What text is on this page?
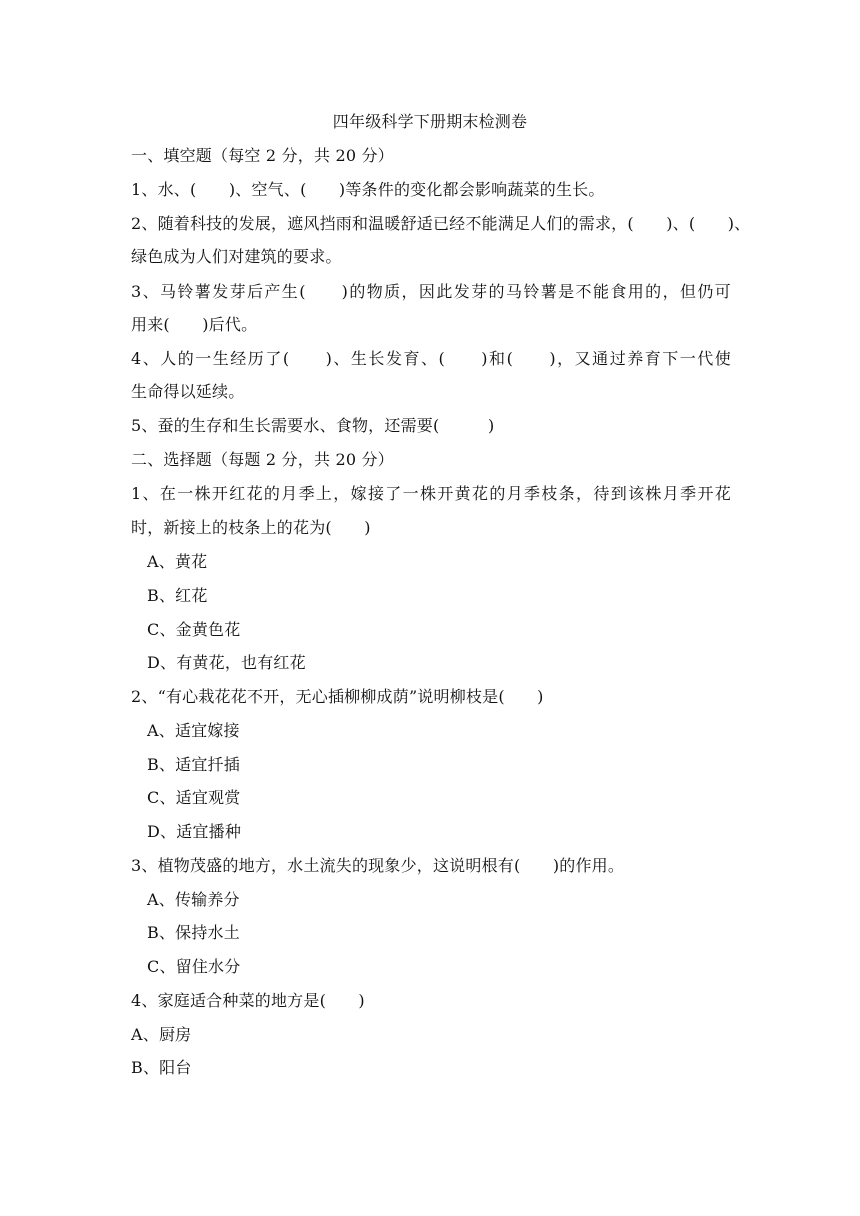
四年级科学下册期末检测卷
一、填空题（每空 2 分，共 20 分）
1、水、(　　)、空气、(　　)等条件的变化都会影响蔬菜的生长。
2、随着科技的发展，遮风挡雨和温暖舒适已经不能满足人们的需求，(　　)、(　　)、
绿色成为人们对建筑的要求。
3、马铃薯发芽后产生(　　)的物质，因此发芽的马铃薯是不能食用的，但仍可
用来(　　)后代。
4、人的一生经历了(　　)、生长发育、(　　)和(　　)，又通过养育下一代使
生命得以延续。
5、蚕的生存和生长需要水、食物，还需要(　　　)
二、选择题（每题 2 分，共 20 分）
1、在一株开红花的月季上，嫁接了一株开黄花的月季枝条，待到该株月季开花
时，新接上的枝条上的花为(　　)
A、黄花
B、红花
C、金黄色花
D、有黄花，也有红花
2、“有心栽花花不开，无心插柳柳成荫”说明柳枝是(　　)
A、适宜嫁接
B、适宜扦插
C、适宜观赏
D、适宜播种
3、植物茂盛的地方，水土流失的现象少，这说明根有(　　)的作用。
A、传输养分
B、保持水土
C、留住水分
4、家庭适合种菜的地方是(　　)
A、厨房
B、阳台
